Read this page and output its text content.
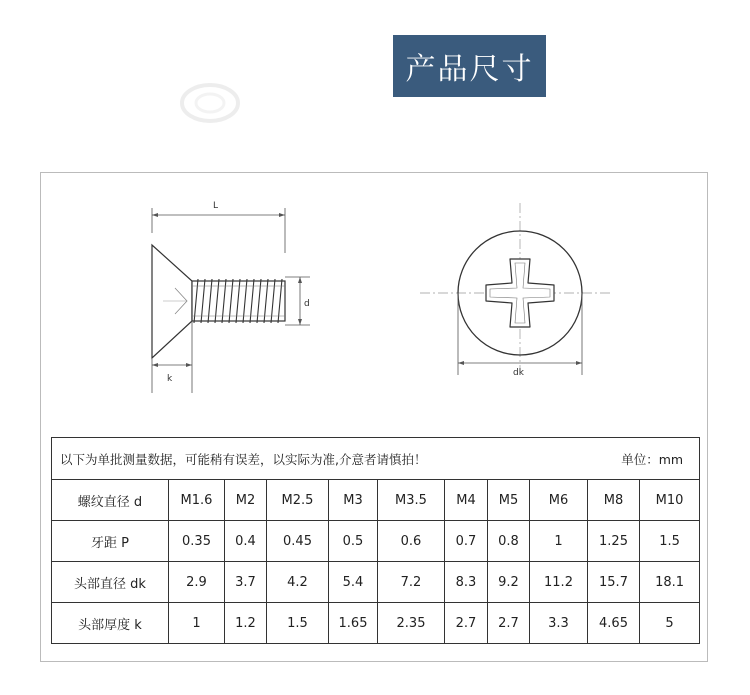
产品尺寸
L
d
k
dk
以下为单批测量数据，可能稍有误差，以实际为准,介意者请慎拍！ 单位：mm										

螺纹直径 d	M1.6	M2	M2.5	M3	M3.5	M4	M5	M6	M8	M10
牙距 P	0.35	0.4	0.45	0.5	0.6	0.7	0.8	1	1.25	1.5
头部直径 dk	2.9	3.7	4.2	5.4	7.2	8.3	9.2	11.2	15.7	18.1
头部厚度 k	1	1.2	1.5	1.65	2.35	2.7	2.7	3.3	4.65	5
